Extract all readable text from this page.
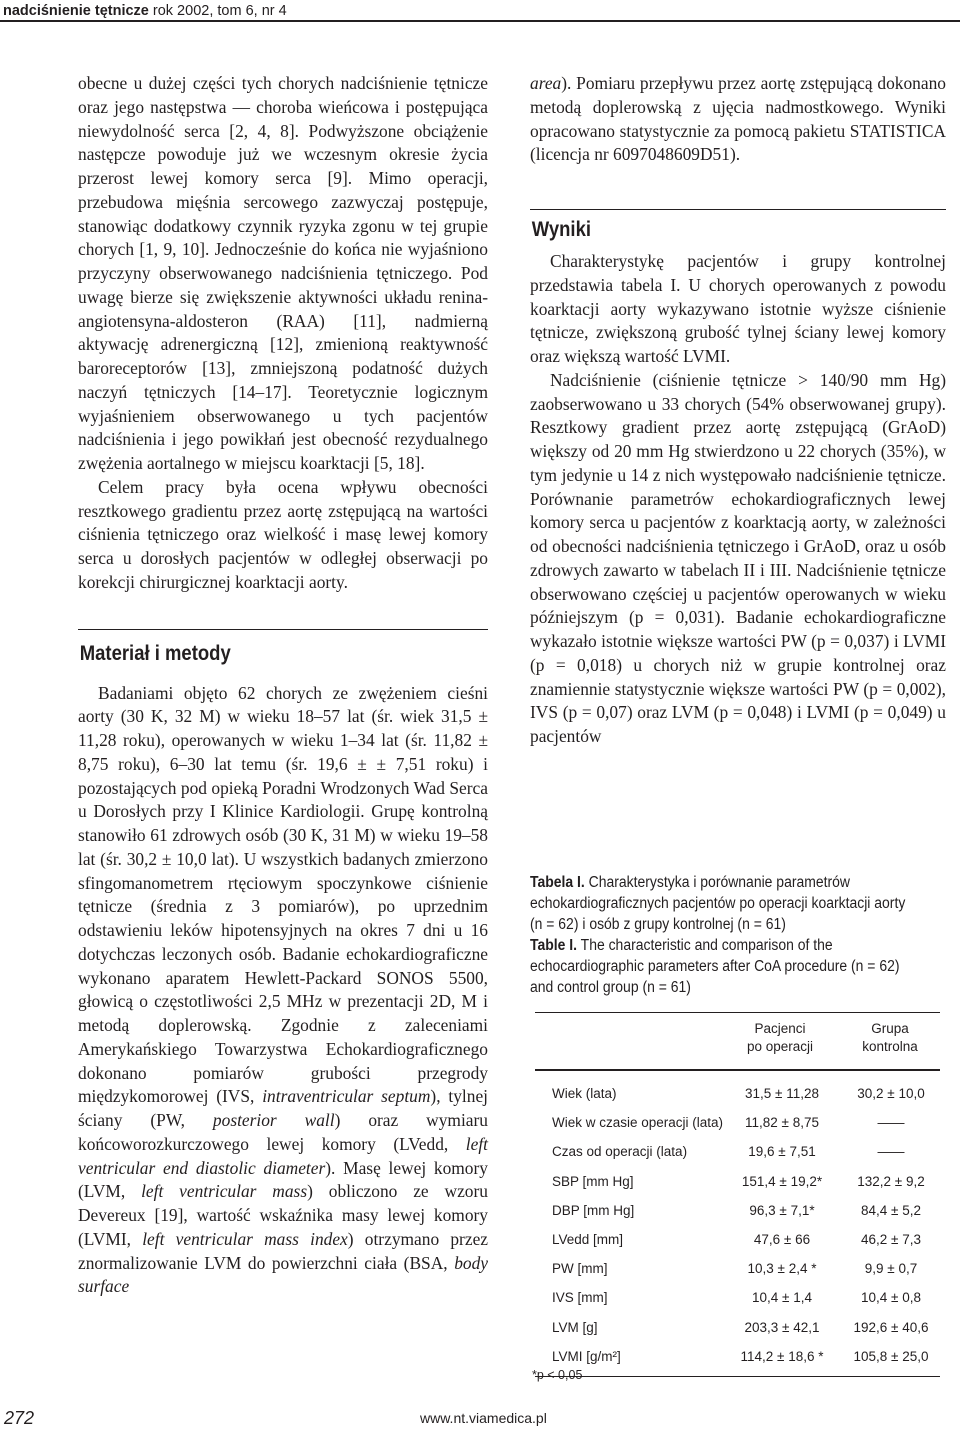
nadciśnienie tętnicze rok 2002, tom 6, nr 4

obecne u dużej części tych chorych nadciśnienie tętnicze oraz jego następstwa — choroba wieńcowa i postępująca niewydolność serca [2, 4, 8]. Podwyższone obciążenie następcze powoduje już we wczesnym okresie życia przerost lewej komory serca [9]. Mimo operacji, przebudowa mięśnia sercowego zazwyczaj postępuje, stanowiąc dodatkowy czynnik ryzyka zgonu w tej grupie chorych [1, 9, 10]. Jednocześnie do końca nie wyjaśniono przyczyny obserwowanego nadciśnienia tętniczego. Pod uwagę bierze się zwiększenie aktywności układu renina-angiotensyna-aldosteron (RAA) [11], nadmierną aktywację adrenergiczną [12], zmienioną reaktywność baroreceptorów [13], zmniejszoną podatność dużych naczyń tętniczych [14–17]. Teoretycznie logicznym wyjaśnieniem obserwowanego u tych pacjentów nadciśnienia i jego powikłań jest obecność rezydualnego zwężenia aortalnego w miejscu koarktacji [5, 18].

Celem pracy była ocena wpływu obecności resztkowego gradientu przez aortę zstępującą na wartości ciśnienia tętniczego oraz wielkość i masę lewej komory serca u dorosłych pacjentów w odległej obserwacji po korekcji chirurgicznej koarktacji aorty.

Materiał i metody

Badaniami objęto 62 chorych ze zwężeniem cieśni aorty (30 K, 32 M) w wieku 18–57 lat (śr. wiek 31,5 ± 11,28 roku), operowanych w wieku 1–34 lat (śr. 11,82 ± 8,75 roku), 6–30 lat temu (śr. 19,6 ± ± 7,51 roku) i pozostających pod opieką Poradni Wrodzonych Wad Serca u Dorosłych przy I Klinice Kardiologii. Grupę kontrolną stanowiło 61 zdrowych osób (30 K, 31 M) w wieku 19–58 lat (śr. 30,2 ± 10,0 lat). U wszystkich badanych zmierzono sfingomanometrem rtęciowym spoczynkowe ciśnienie tętnicze (średnia z 3 pomiarów), po uprzednim odstawieniu leków hipotensyjnych na okres 7 dni u 16 dotychczas leczonych osób. Badanie echokardiograficzne wykonano aparatem Hewlett-Packard SONOS 5500, głowicą o częstotliwości 2,5 MHz w prezentacji 2D, M i metodą doplerowską. Zgodnie z zaleceniami Amerykańskiego Towarzystwa Echokardiograficznego dokonano pomiarów grubości przegrody międzykomorowej (IVS, intraventricular septum), tylnej ściany (PW, posterior wall) oraz wymiaru końcoworozkurczowego lewej komory (LVedd, left ventricular end diastolic diameter). Masę lewej komory (LVM, left ventricular mass) obliczono ze wzoru Devereux [19], wartość wskaźnika masy lewej komory (LVMI, left ventricular mass index) otrzymano przez znormalizowanie LVM do powierzchni ciała (BSA, body surface

area). Pomiaru przepływu przez aortę zstępującą dokonano metodą doplerowską z ujęcia nadmostkowego. Wyniki opracowano statystycznie za pomocą pakietu STATISTICA (licencja nr 6097048609D51).

Wyniki

Charakterystykę pacjentów i grupy kontrolnej przedstawia tabela I. U chorych operowanych z powodu koarktacji aorty wykazywano istotnie wyższe ciśnienie tętnicze, zwiększoną grubość tylnej ściany lewej komory oraz większą wartość LVMI.

Nadciśnienie (ciśnienie tętnicze > 140/90 mm Hg) zaobserwowano u 33 chorych (54% obserwowanej grupy). Resztkowy gradient przez aortę zstępującą (GrAoD) większy od 20 mm Hg stwierdzono u 22 chorych (35%), w tym jedynie u 14 z nich występowało nadciśnienie tętnicze. Porównanie parametrów echokardiograficznych lewej komory serca u pacjentów z koarktacją aorty, w zależności od obecności nadciśnienia tętniczego i GrAoD, oraz u osób zdrowych zawarto w tabelach II i III. Nadciśnienie tętnicze obserwowano częściej u pacjentów operowanych w wieku późniejszym (p = 0,031). Badanie echokardiograficzne wykazało istotnie większe wartości PW (p = 0,037) i LVMI (p = 0,018) u chorych niż w grupie kontrolnej oraz znamiennie statystycznie większe wartości PW (p = 0,002), IVS (p = 0,07) oraz LVM (p = 0,048) i LVMI (p = 0,049) u pacjentów

Tabela I. Charakterystyka i porównanie parametrów echokardiograficznych pacjentów po operacji koarktacji aorty (n = 62) i osób z grupy kontrolnej (n = 61)
Table I. The characteristic and comparison of the echocardiographic parameters after CoA procedure (n = 62) and control group (n = 61)
Pacjenci
po operacji
Grupa
kontrolna
Wiek (lata)	31,5 ± 11,28	30,2 ± 10,0
Wiek w czasie operacji (lata)	11,82 ± 8,75	——
Czas od operacji (lata)	19,6 ± 7,51	——
SBP [mm Hg]	151,4 ± 19,2*	132,2 ± 9,2
DBP [mm Hg]	96,3 ± 7,1*	84,4 ± 5,2
LVedd [mm]	47,6 ± 66	46,2 ± 7,3
PW [mm]	10,3 ± 2,4 *	9,9 ± 0,7
IVS [mm]	10,4 ± 1,4	10,4 ± 0,8
LVM [g]	203,3 ± 42,1	192,6 ± 40,6
LVMI [g/m²]	114,2 ± 18,6 *	105,8 ± 25,0
*p < 0,05
272	www.nt.viamedica.pl
